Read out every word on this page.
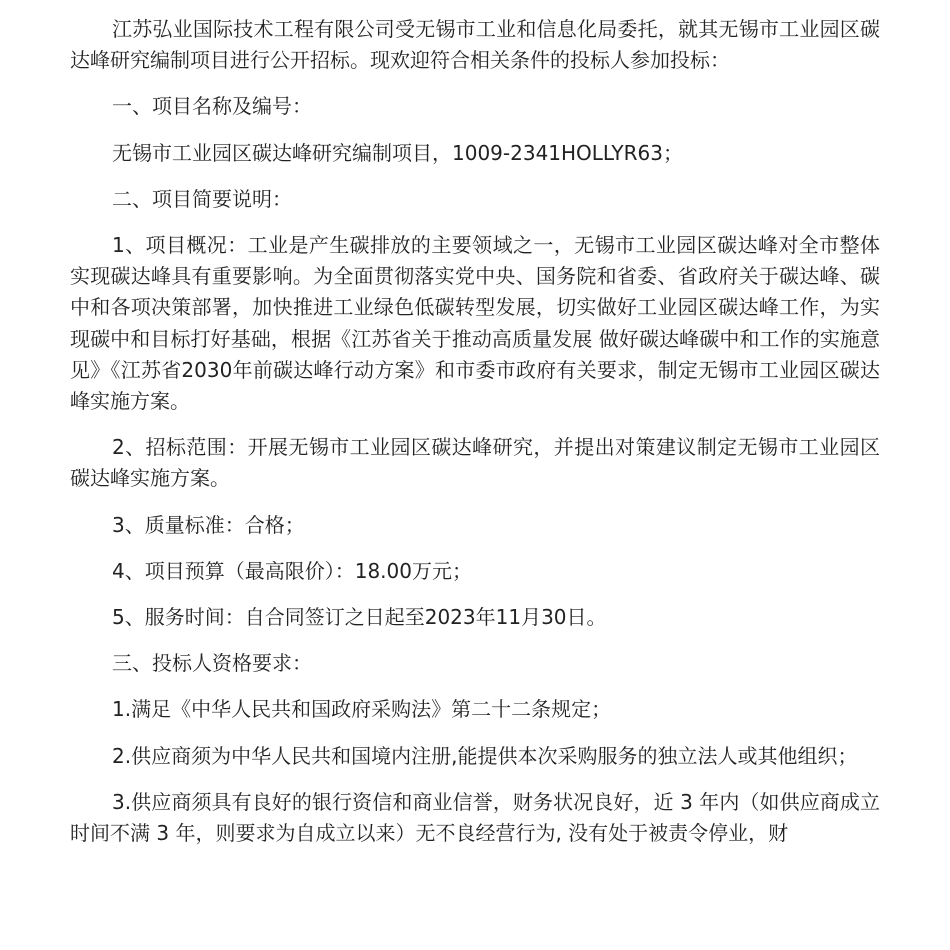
江苏弘业国际技术工程有限公司受无锡市工业和信息化局委托，就其无锡市工业园区碳达峰研究编制项目进行公开招标。现欢迎符合相关条件的投标人参加投标：

一、项目名称及编号：

无锡市工业园区碳达峰研究编制项目，1009-2341HOLLYR63；

二、项目简要说明：

1、项目概况：工业是产生碳排放的主要领域之一，无锡市工业园区碳达峰对全市整体实现碳达峰具有重要影响。为全面贯彻落实党中央、国务院和省委、省政府关于碳达峰、碳中和各项决策部署，加快推进工业绿色低碳转型发展，切实做好工业园区碳达峰工作，为实现碳中和目标打好基础，根据《江苏省关于推动高质量发展 做好碳达峰碳中和工作的实施意见》《江苏省2030年前碳达峰行动方案》和市委市政府有关要求，制定无锡市工业园区碳达峰实施方案。

2、招标范围：开展无锡市工业园区碳达峰研究，并提出对策建议制定无锡市工业园区碳达峰实施方案。

3、质量标准：合格；

4、项目预算（最高限价）：18.00万元；

5、服务时间：自合同签订之日起至2023年11月30日。

三、投标人资格要求：

1.满足《中华人民共和国政府采购法》第二十二条规定；

2.供应商须为中华人民共和国境内注册,能提供本次采购服务的独立法人或其他组织；

3.供应商须具有良好的银行资信和商业信誉，财务状况良好，近 3 年内（如供应商成立时间不满 3 年，则要求为自成立以来）无不良经营行为, 没有处于被责令停业，财
